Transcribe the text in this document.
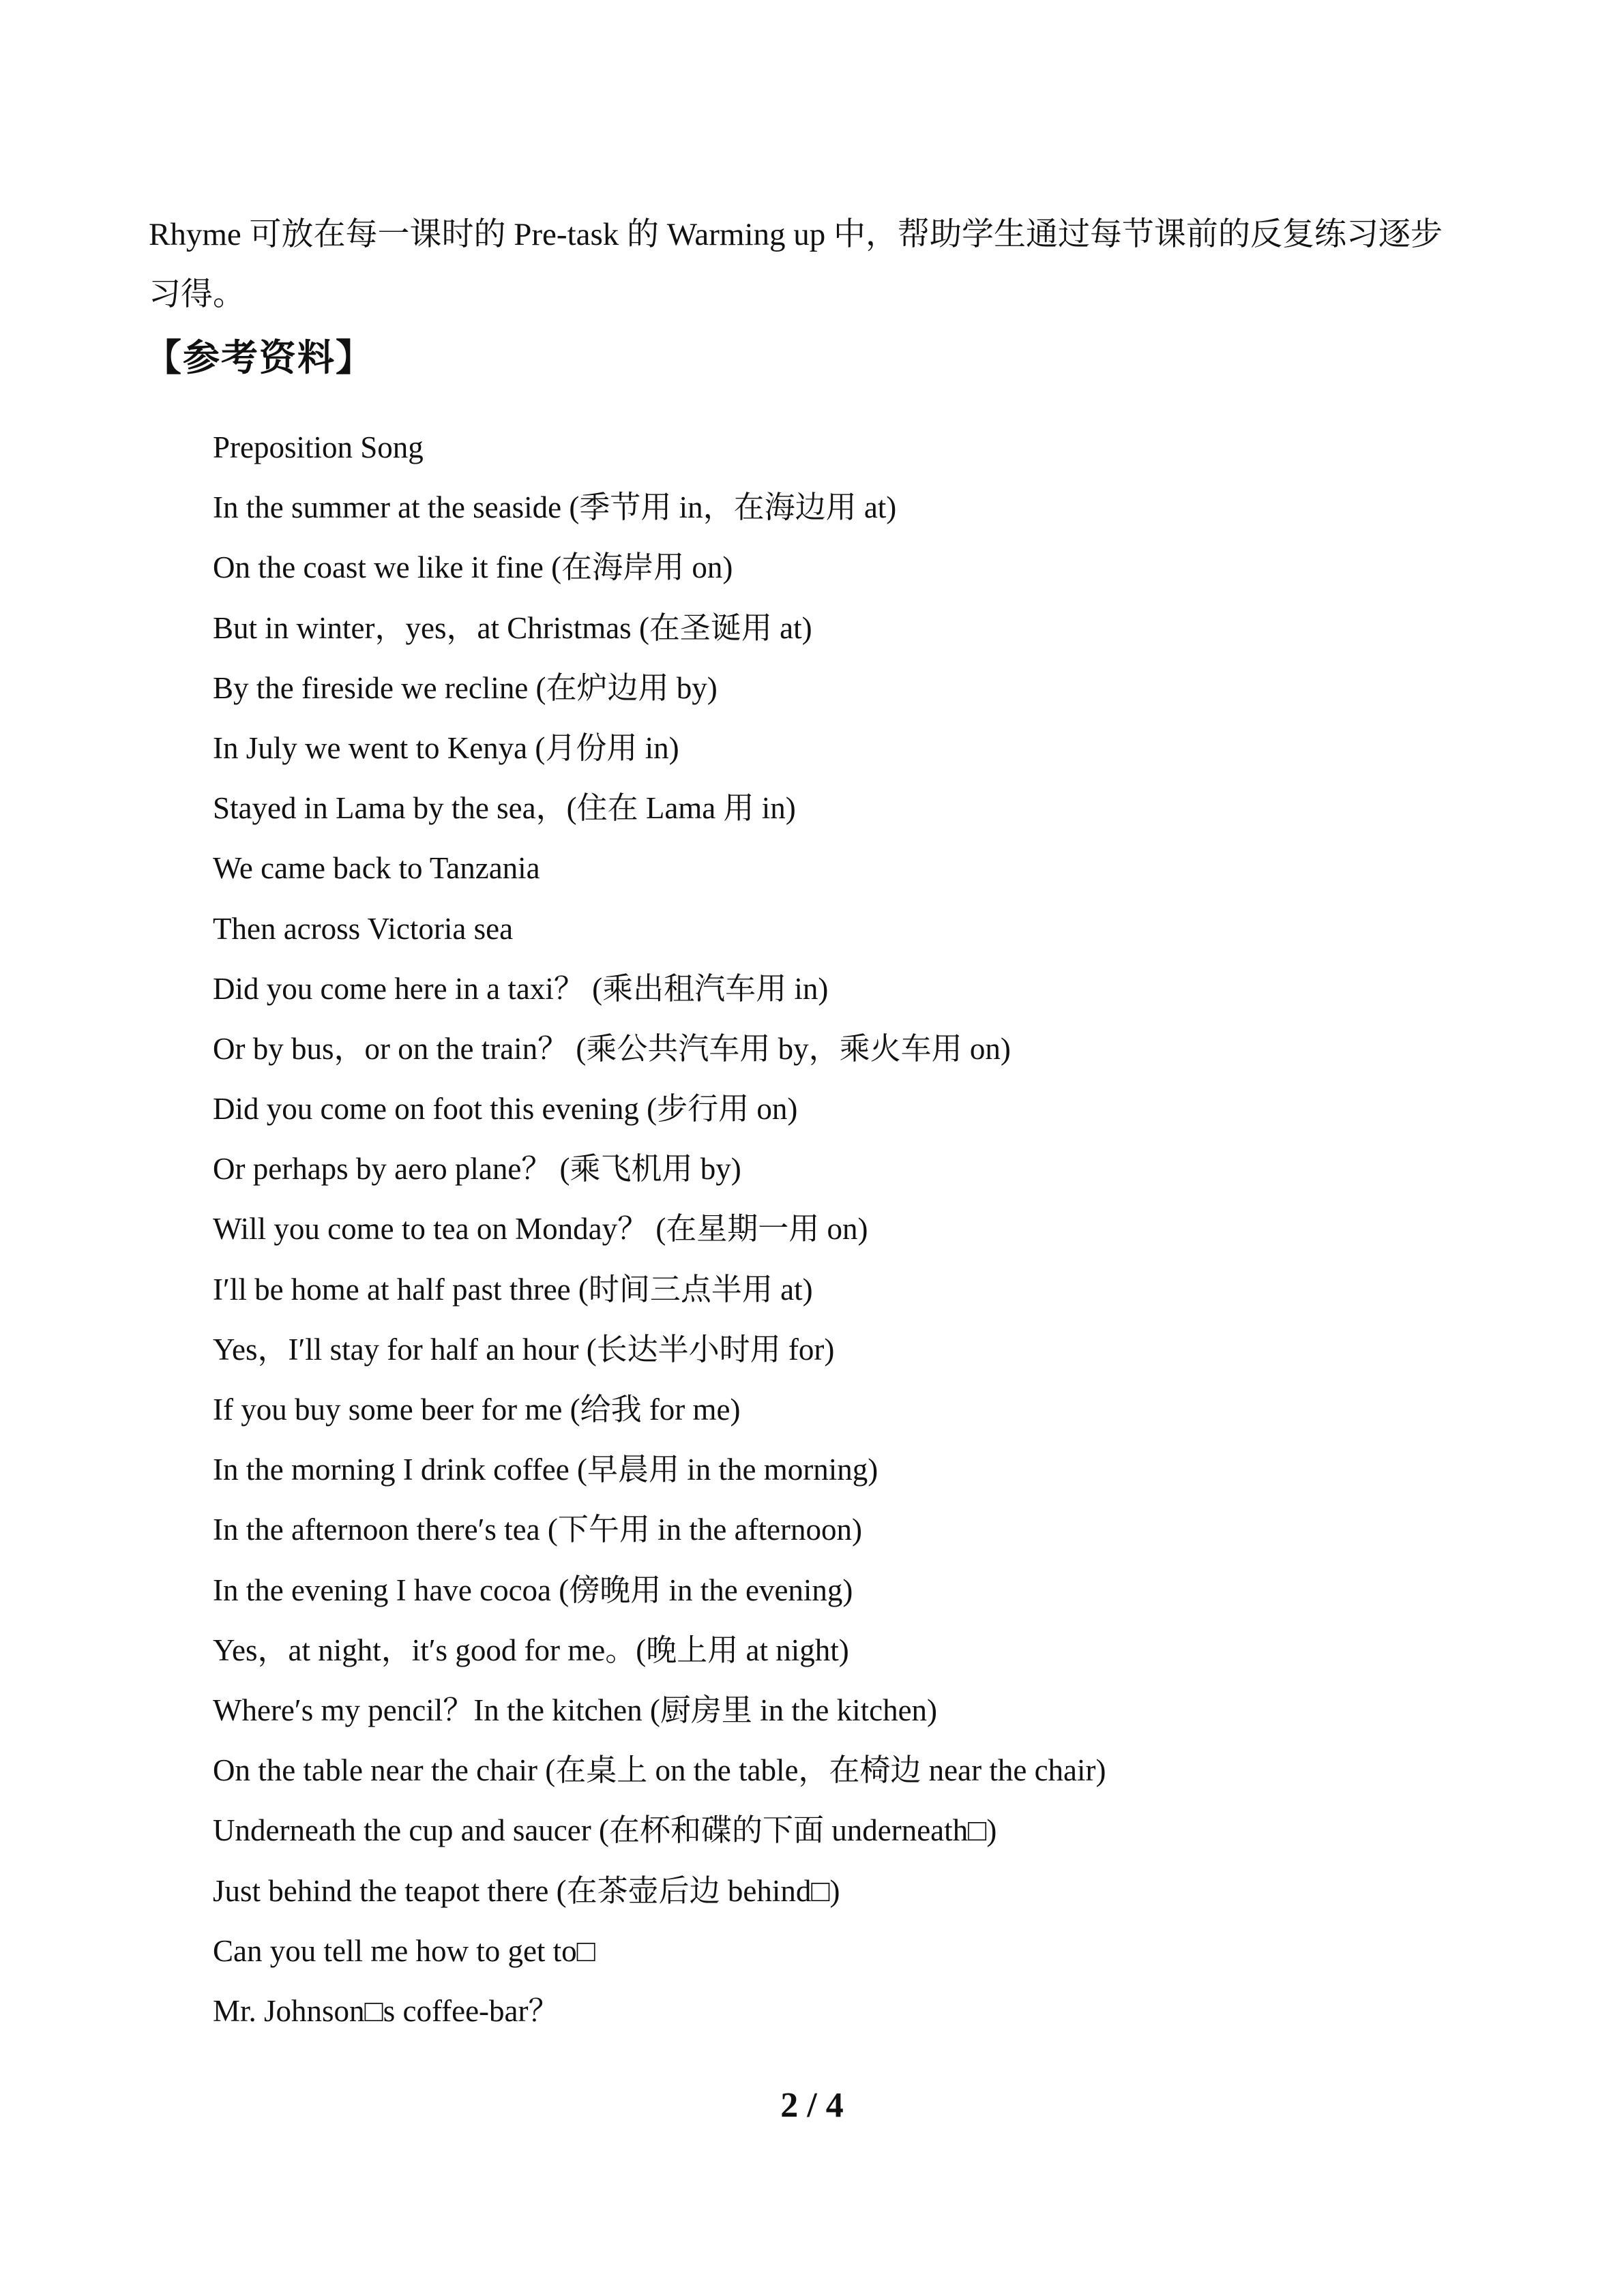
Rhyme 可放在每一课时的 Pre-task 的 Warming up 中，帮助学生通过每节课前的反复练习逐步
习得。

【参考资料】
Preposition Song
In the summer at the seaside (季节用 in，在海边用 at)
On the coast we like it fine (在海岸用 on)
But in winter，yes，at Christmas (在圣诞用 at)
By the fireside we recline (在炉边用 by)
In July we went to Kenya (月份用 in)
Stayed in Lama by the sea，(住在 Lama 用 in)
We came back to Tanzania
Then across Victoria sea
Did you come here in a taxi？ (乘出租汽车用 in)
Or by bus，or on the train？ (乘公共汽车用 by，乘火车用 on)
Did you come on foot this evening (步行用 on)
Or perhaps by aero plane？ (乘飞机用 by)
Will you come to tea on Monday？ (在星期一用 on)
I′ll be home at half past three (时间三点半用 at)
Yes，I′ll stay for half an hour (长达半小时用 for)
If you buy some beer for me (给我 for me)
In the morning I drink coffee (早晨用 in the morning)
In the afternoon there′s tea (下午用 in the afternoon)
In the evening I have cocoa (傍晚用 in the evening)
Yes，at night，it′s good for me。(晚上用 at night)
Where′s my pencil？In the kitchen (厨房里 in the kitchen)
On the table near the chair (在桌上 on the table，在椅边 near the chair)
Underneath the cup and saucer (在杯和碟的下面 underneath□)
Just behind the teapot there (在茶壶后边 behind□)
Can you tell me how to get to□
Mr. Johnson□s coffee-bar？

2 / 4
